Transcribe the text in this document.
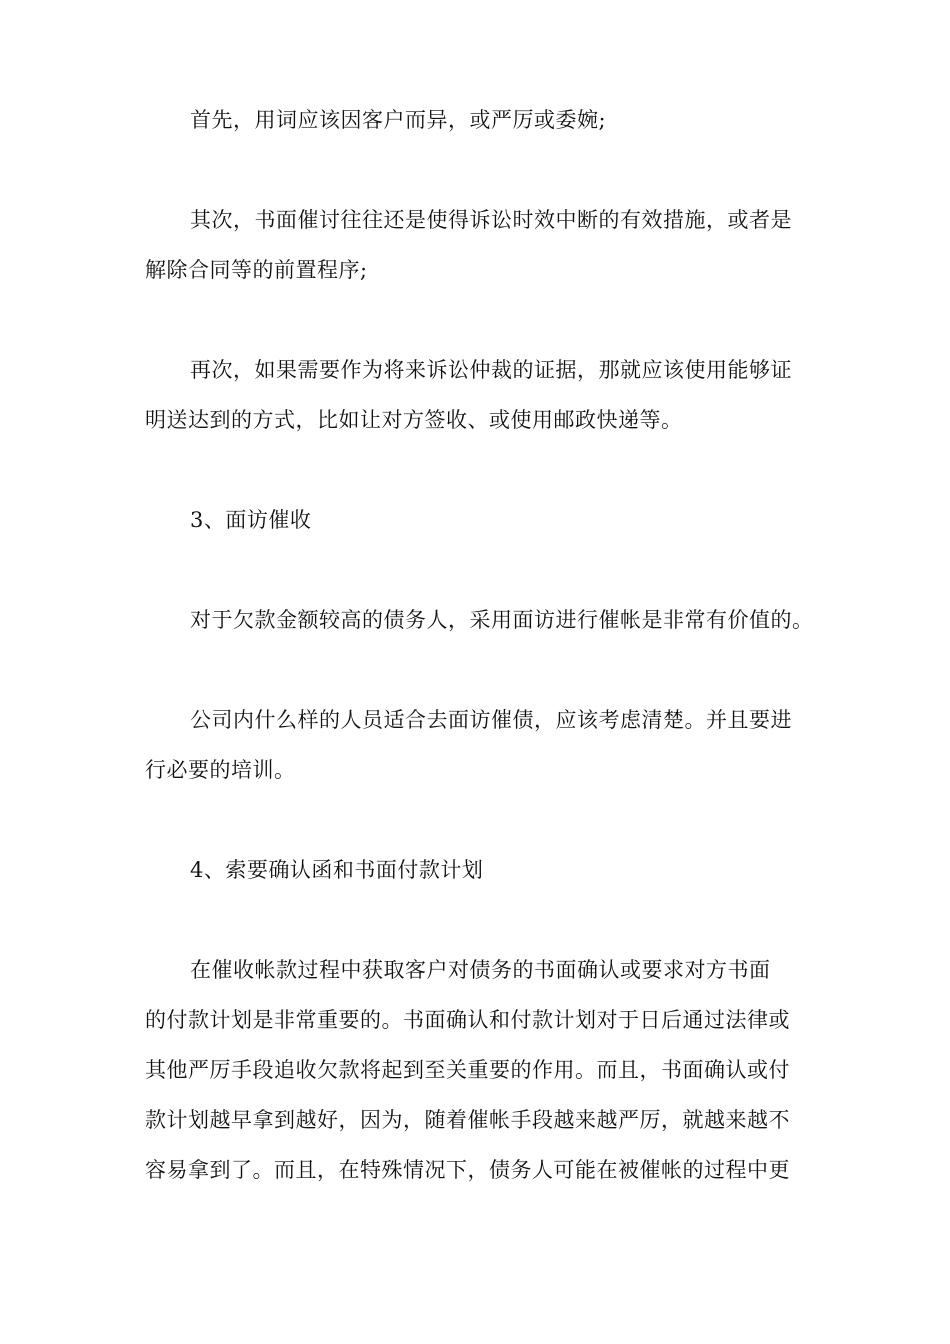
首先，用词应该因客户而异，或严厉或委婉;
其次，书面催讨往往还是使得诉讼时效中断的有效措施，或者是
解除合同等的前置程序;
再次，如果需要作为将来诉讼仲裁的证据，那就应该使用能够证
明送达到的方式，比如让对方签收、或使用邮政快递等。
3、面访催收
对于欠款金额较高的债务人，采用面访进行催帐是非常有价值的。
公司内什么样的人员适合去面访催债，应该考虑清楚。并且要进
行必要的培训。
4、索要确认函和书面付款计划
在催收帐款过程中获取客户对债务的书面确认或要求对方书面
的付款计划是非常重要的。书面确认和付款计划对于日后通过法律或
其他严厉手段追收欠款将起到至关重要的作用。而且，书面确认或付
款计划越早拿到越好，因为，随着催帐手段越来越严厉，就越来越不
容易拿到了。而且，在特殊情况下，债务人可能在被催帐的过程中更
